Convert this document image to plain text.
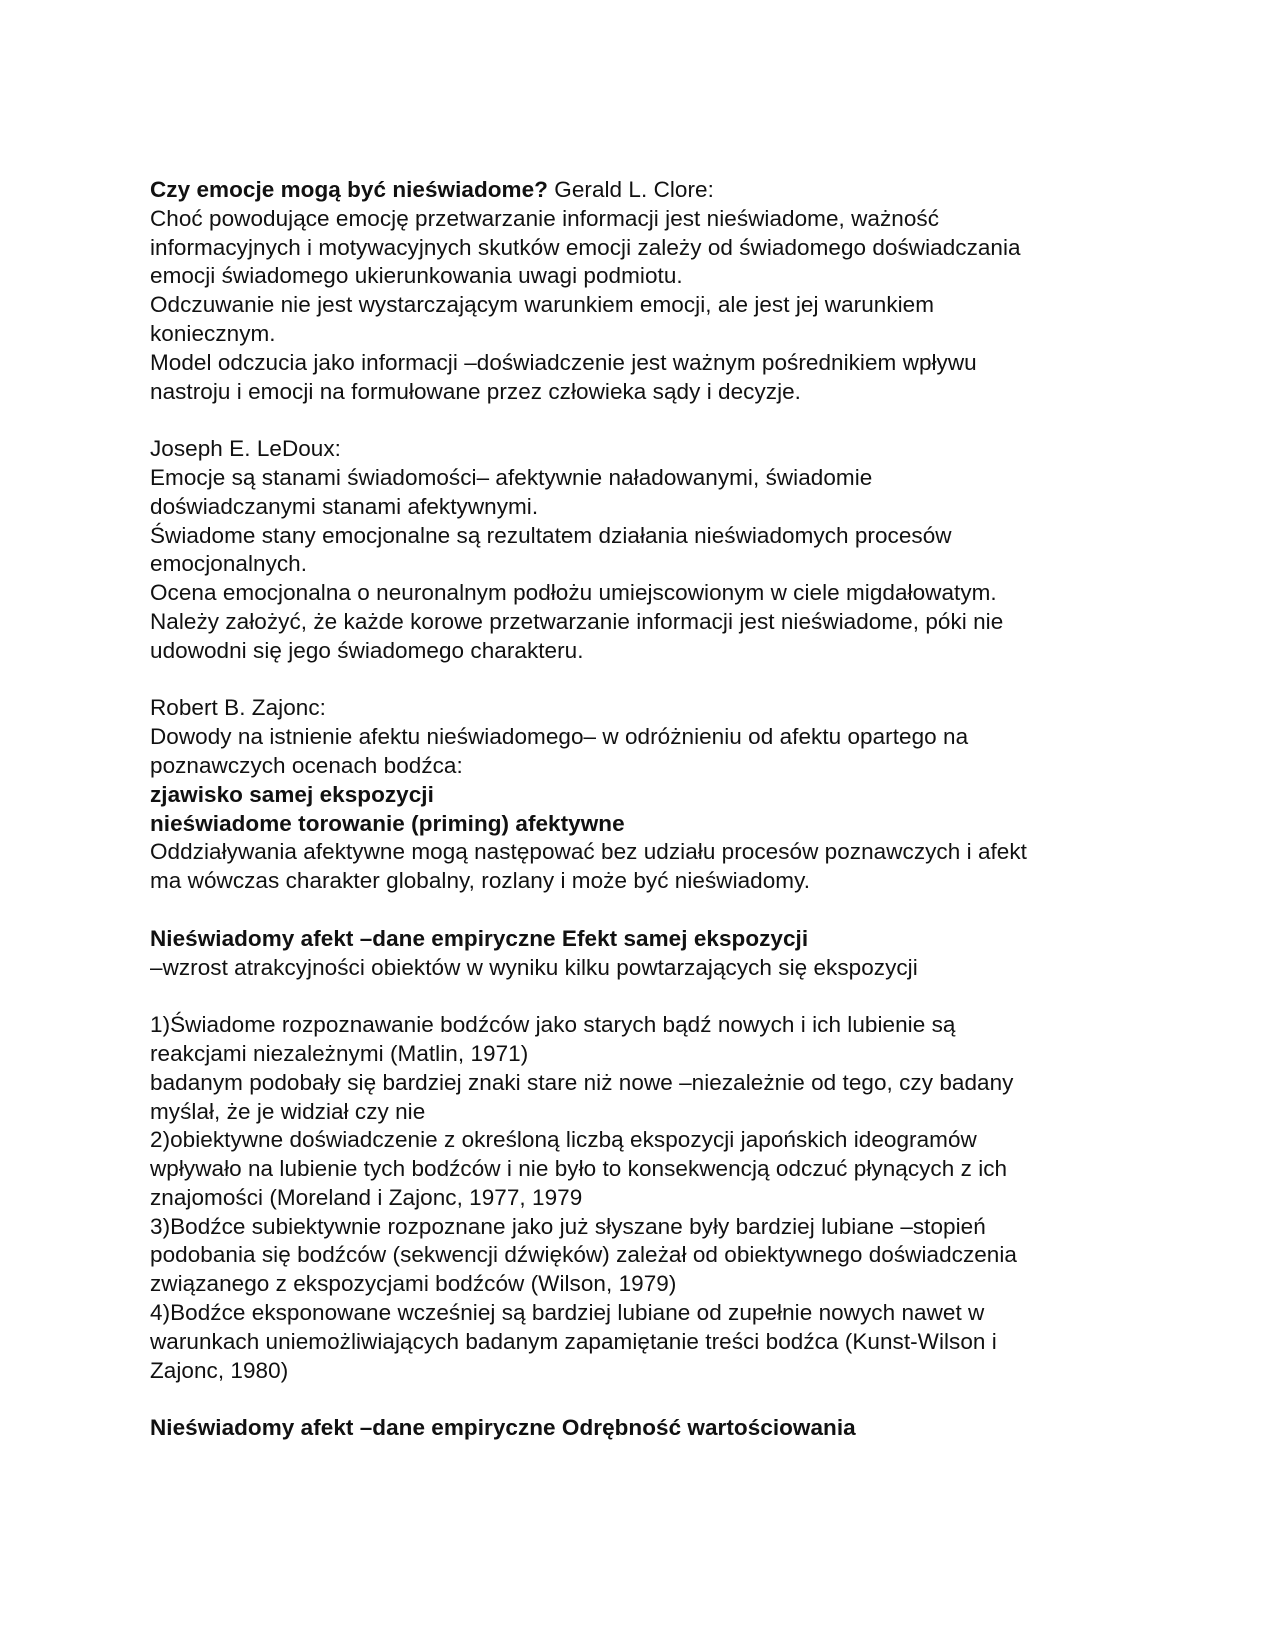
Czy emocje mogą być nieświadome? Gerald L. Clore:
Choć powodujące emocję przetwarzanie informacji jest nieświadome, ważność
informacyjnych i motywacyjnych skutków emocji zależy od świadomego doświadczania
emocji świadomego ukierunkowania uwagi podmiotu.
Odczuwanie nie jest wystarczającym warunkiem emocji, ale jest jej warunkiem
koniecznym.
Model odczucia jako informacji –doświadczenie jest ważnym pośrednikiem wpływu
nastroju i emocji na formułowane przez człowieka sądy i decyzje.
Joseph E. LeDoux:
Emocje są stanami świadomości– afektywnie naładowanymi, świadomie
doświadczanymi stanami afektywnymi.
Świadome stany emocjonalne są rezultatem działania nieświadomych procesów
emocjonalnych.
Ocena emocjonalna o neuronalnym podłożu umiejscowionym w ciele migdałowatym.
Należy założyć, że każde korowe przetwarzanie informacji jest nieświadome, póki nie
udowodni się jego świadomego charakteru.
Robert B. Zajonc:
Dowody na istnienie afektu nieświadomego– w odróżnieniu od afektu opartego na
poznawczych ocenach bodźca:
zjawisko samej ekspozycji
nieświadome torowanie (priming) afektywne
Oddziaływania afektywne mogą następować bez udziału procesów poznawczych i afekt
ma wówczas charakter globalny, rozlany i może być nieświadomy.
Nieświadomy afekt –dane empiryczne Efekt samej ekspozycji
–wzrost atrakcyjności obiektów w wyniku kilku powtarzających się ekspozycji
1)Świadome rozpoznawanie bodźców jako starych bądź nowych i ich lubienie są
reakcjami niezależnymi (Matlin, 1971)
badanym podobały się bardziej znaki stare niż nowe –niezależnie od tego, czy badany
myślał, że je widział czy nie
2)obiektywne doświadczenie z określoną liczbą ekspozycji japońskich ideogramów
wpływało na lubienie tych bodźców i nie było to konsekwencją odczuć płynących z ich
znajomości (Moreland i Zajonc, 1977, 1979
3)Bodźce subiektywnie rozpoznane jako już słyszane były bardziej lubiane –stopień
podobania się bodźców (sekwencji dźwięków) zależał od obiektywnego doświadczenia
związanego z ekspozycjami bodźców (Wilson, 1979)
4)Bodźce eksponowane wcześniej są bardziej lubiane od zupełnie nowych nawet w
warunkach uniemożliwiających badanym zapamiętanie treści bodźca (Kunst-Wilson i
Zajonc, 1980)
Nieświadomy afekt –dane empiryczne Odrębność wartościowania
